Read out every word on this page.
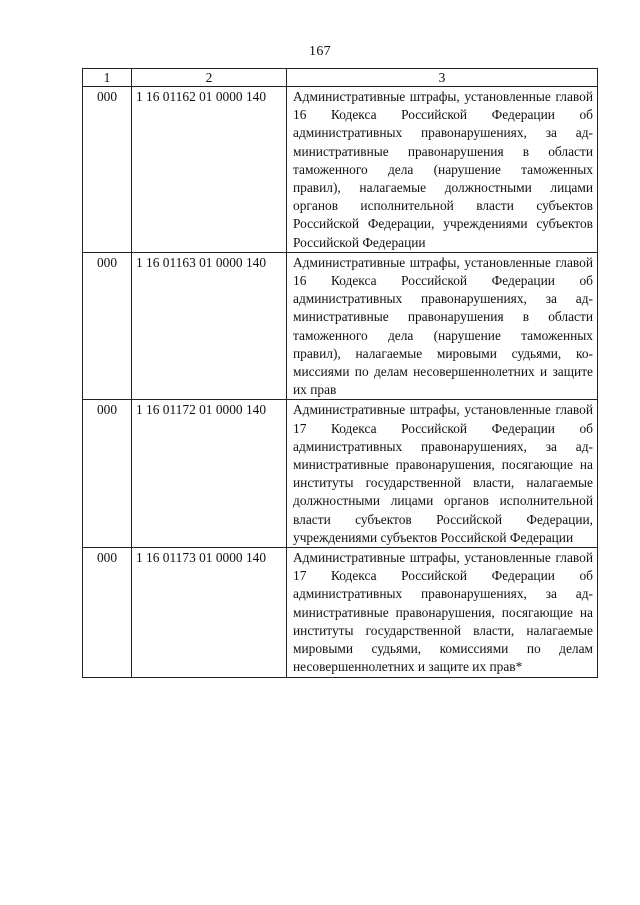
167
1	2	3
000	1 16 01162 01 0000 140	Административные штрафы, установленные главой 16 Кодекса Российской Федерации об административных правонарушениях, за административные правонарушения в области таможенного дела (нарушение таможенных правил), налагаемые должностными лицами органов исполнительной власти субъектов Российской Федерации, учреждениями субъектов Российской Федерации
000	1 16 01163 01 0000 140	Административные штрафы, установленные главой 16 Кодекса Российской Федерации об административных правонарушениях, за административные правонарушения в области таможенного дела (нарушение таможенных правил), налагаемые мировыми судьями, комиссиями по делам несовершеннолетних и защите их прав
000	1 16 01172 01 0000 140	Административные штрафы, установленные главой 17 Кодекса Российской Федерации об административных правонарушениях, за административные правонарушения, посягающие на институты государственной власти, налагаемые должностными лицами органов исполнительной власти субъектов Российской Федерации, учреждениями субъектов Российской Федерации
000	1 16 01173 01 0000 140	Административные штрафы, установленные главой 17 Кодекса Российской Федерации об административных правонарушениях, за административные правонарушения, посягающие на институты государственной власти, налагаемые мировыми судьями, комиссиями по делам несовершеннолетних и защите их прав*
